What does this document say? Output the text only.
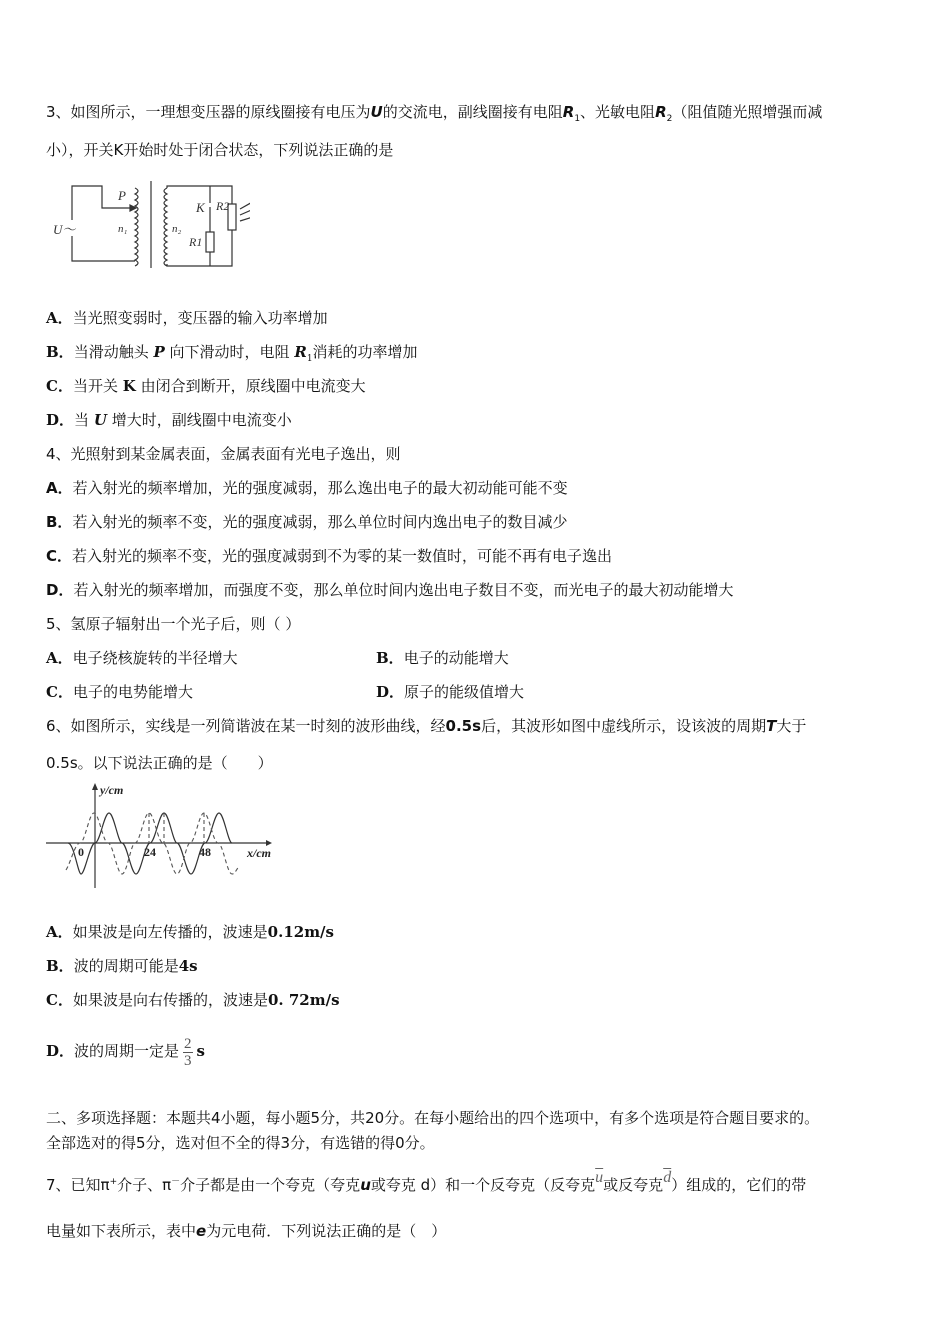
3、如图所示，一理想变压器的原线圈接有电压为U的交流电，副线圈接有电阻$R_1$、光敏电阻$R_2$（阻值随光照增强而减
小），开关K开始时处于闭合状态，下列说法正确的是
U～
P
n₁	n₂
K
R1
R2
A．当光照变弱时，变压器的输入功率增加
B．当滑动触头 P 向下滑动时，电阻 $R_1$消耗的功率增加
C．当开关 K 由闭合到断开，原线圈中电流变大
D．当 U 增大时，副线圈中电流变小
4、光照射到某金属表面，金属表面有光电子逸出，则
A．若入射光的频率增加，光的强度减弱，那么逸出电子的最大初动能可能不变
B．若入射光的频率不变，光的强度减弱，那么单位时间内逸出电子的数目减少
C．若入射光的频率不变，光的强度减弱到不为零的某一数值时，可能不再有电子逸出
D．若入射光的频率增加，而强度不变，那么单位时间内逸出电子数目不变，而光电子的最大初动能增大
5、氢原子辐射出一个光子后，则（ ）
A．电子绕核旋转的半径增大	B．电子的动能增大
C．电子的电势能增大	D．原子的能级值增大
6、如图所示，实线是一列简谐波在某一时刻的波形曲线，经0.5s后，其波形如图中虚线所示，设该波的周期T大于
0.5s。以下说法正确的是（　　）
y/cm
x/cm
0	24	48
A．如果波是向左传播的，波速是0.12m/s
B．波的周期可能是4s
C．如果波是向右传播的，波速是0. 72m/s
D．波的周期一定是 $\frac{2}{3}$ s
二、多项选择题：本题共4小题，每小题5分，共20分。在每小题给出的四个选项中，有多个选项是符合题目要求的。
全部选对的得5分，选对但不全的得3分，有选错的得0分。
7、已知π+介子、π－介子都是由一个夸克（夸克u或夸克 d）和一个反夸克（反夸克$\overline{u}$或反夸克$\overline{d}$）组成的，它们的带
电量如下表所示，表中e为元电荷．下列说法正确的是（　）
